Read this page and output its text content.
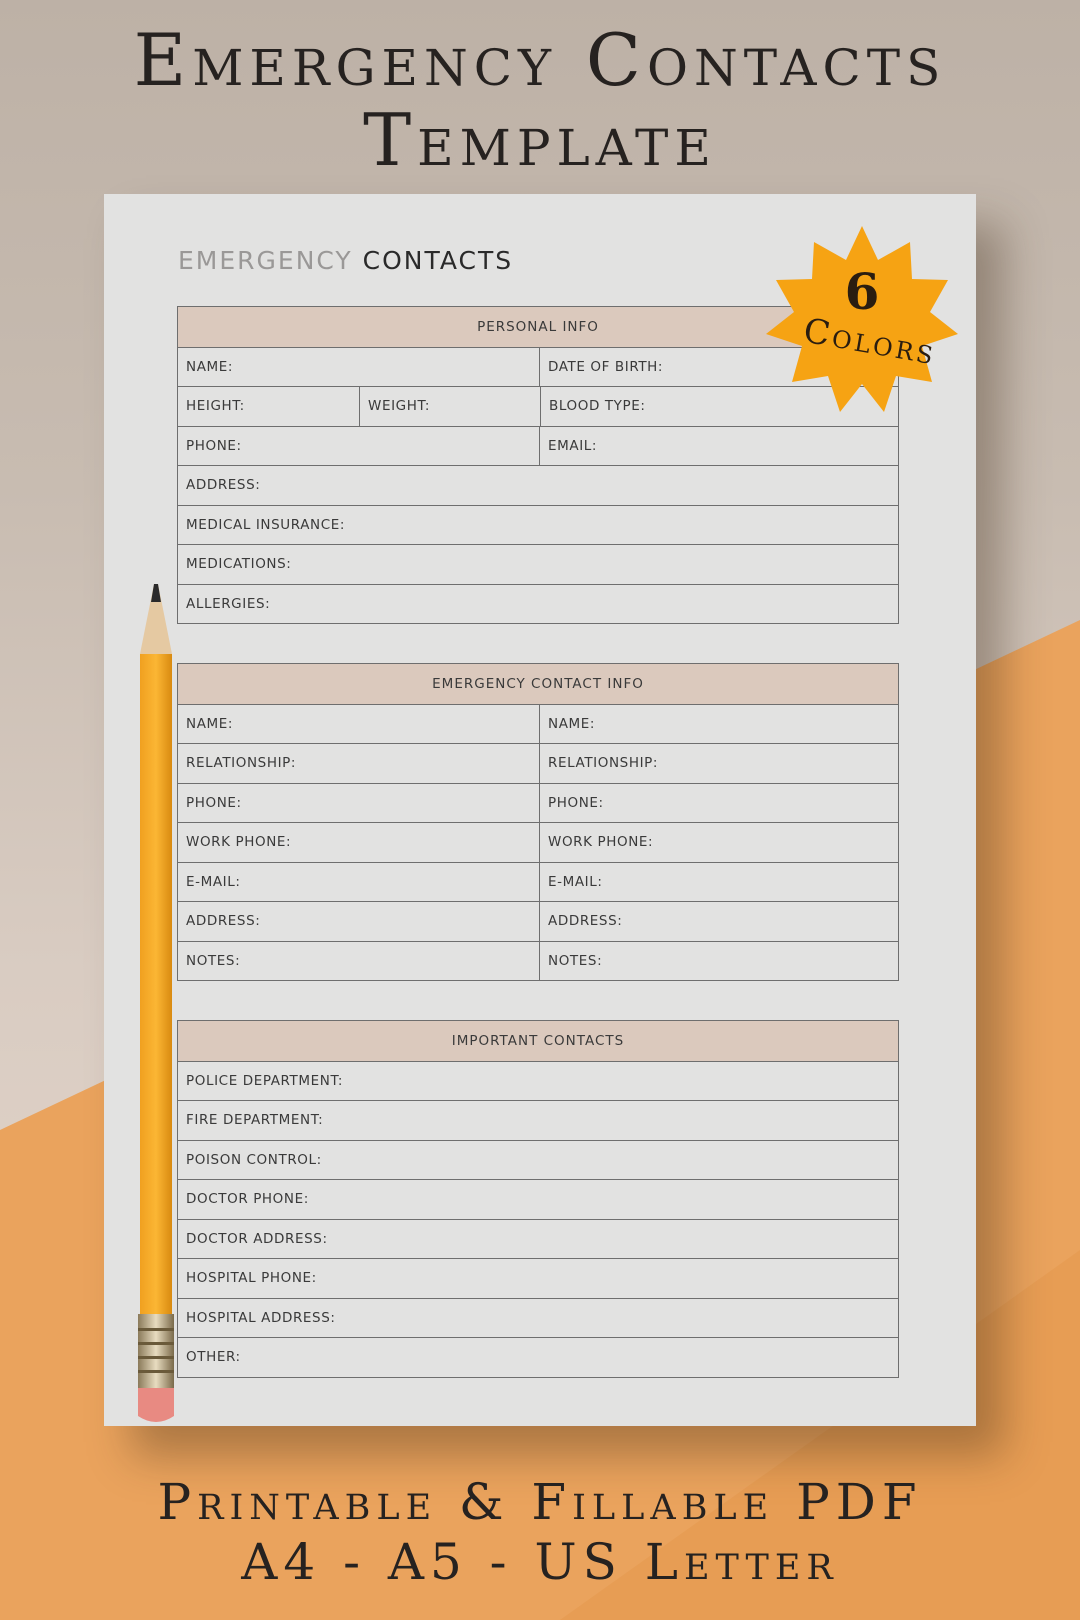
Emergency Contacts
Template
EMERGENCY CONTACTS
PERSONAL INFO
NAME:	DATE OF BIRTH:
HEIGHT:	WEIGHT:	BLOOD TYPE:
PHONE:	EMAIL:
ADDRESS:
MEDICAL INSURANCE:
MEDICATIONS:
ALLERGIES:
EMERGENCY CONTACT INFO
NAME:	NAME:
RELATIONSHIP:	RELATIONSHIP:
PHONE:	PHONE:
WORK PHONE:	WORK PHONE:
E-MAIL:	E-MAIL:
ADDRESS:	ADDRESS:
NOTES:	NOTES:
IMPORTANT CONTACTS
POLICE DEPARTMENT:
FIRE DEPARTMENT:
POISON CONTROL:
DOCTOR PHONE:
DOCTOR ADDRESS:
HOSPITAL PHONE:
HOSPITAL ADDRESS:
OTHER:
6
Colors
Printable & Fillable PDF
A4 - A5 - US Letter
